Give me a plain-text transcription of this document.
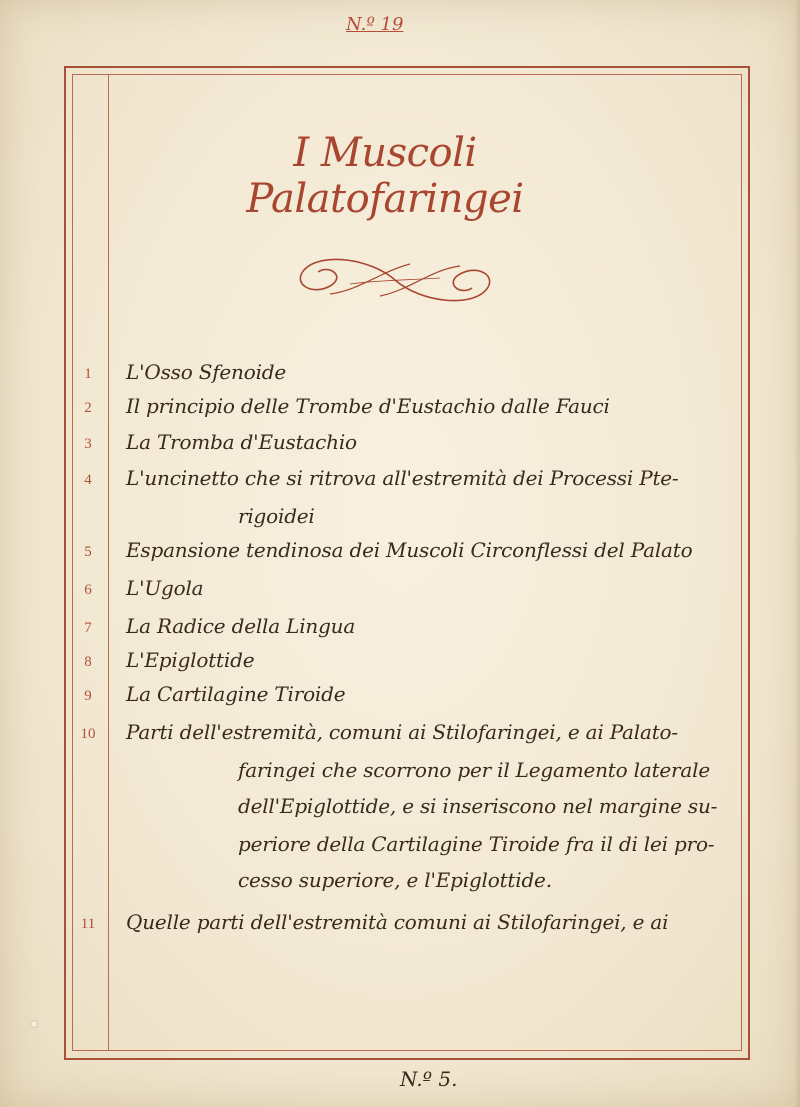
N.º 19
I Muscoli Palatofaringei
1	L'Osso Sfenoide
2	Il principio delle Trombe d'Eustachio dalle Fauci
3	La Tromba d'Eustachio
4	L'uncinetto che si ritrova all'estremità dei Processi Pte-
rigoidei
5	Espansione tendinosa dei Muscoli Circonflessi del Palato
6	L'Ugola
7	La Radice della Lingua
8	L'Epiglottide
9	La Cartilagine Tiroide
10	Parti dell'estremità, comuni ai Stilofaringei, e ai Palato-
faringei che scorrono per il Legamento laterale
dell'Epiglottide, e si inseriscono nel margine su-
periore della Cartilagine Tiroide fra il di lei pro-
cesso superiore, e l'Epiglottide.
11	Quelle parti dell'estremità comuni ai Stilofaringei, e ai
N.º 5.
